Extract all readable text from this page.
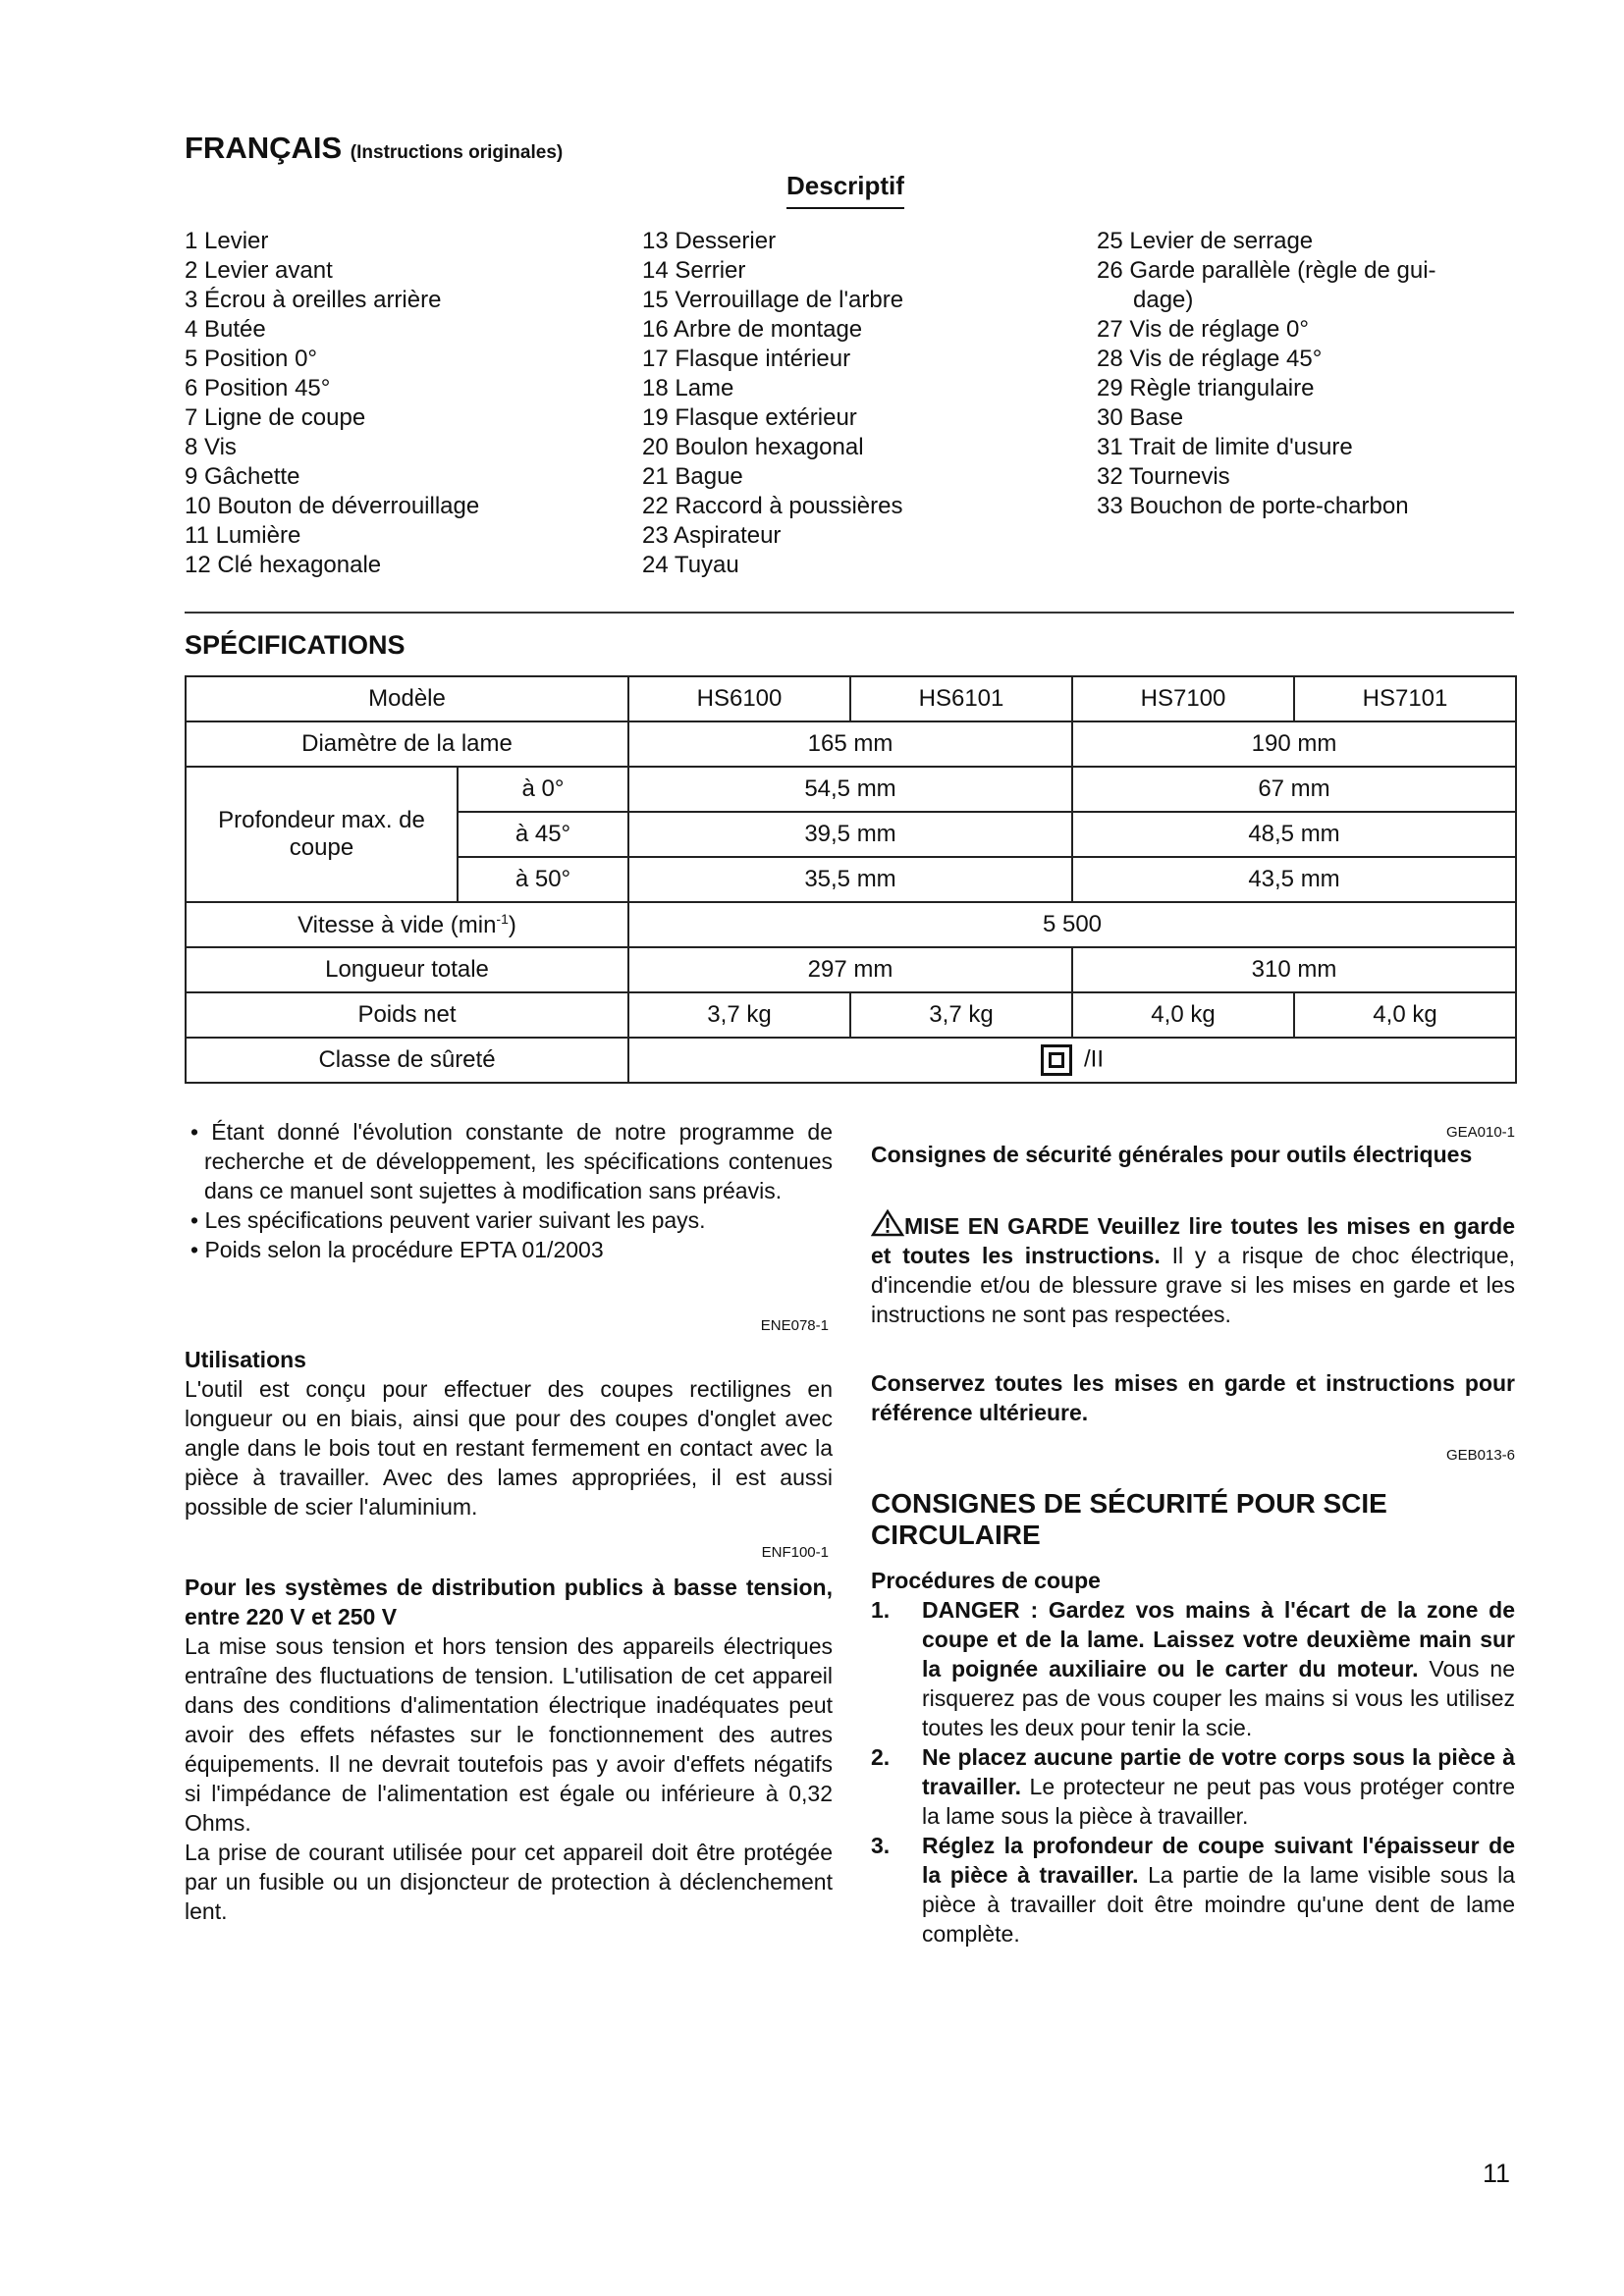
FRANÇAIS (Instructions originales)
Descriptif
1 Levier
2 Levier avant
3 Écrou à oreilles arrière
4 Butée
5 Position 0°
6 Position 45°
7 Ligne de coupe
8 Vis
9 Gâchette
10 Bouton de déverrouillage
11 Lumière
12 Clé hexagonale
13 Desserier
14 Serrier
15 Verrouillage de l'arbre
16 Arbre de montage
17 Flasque intérieur
18 Lame
19 Flasque extérieur
20 Boulon hexagonal
21 Bague
22 Raccord à poussières
23 Aspirateur
24 Tuyau
25 Levier de serrage
26 Garde parallèle (règle de gui-
dage)
27 Vis de réglage 0°
28 Vis de réglage 45°
29 Règle triangulaire
30 Base
31 Trait de limite d'usure
32 Tournevis
33 Bouchon de porte-charbon
SPÉCIFICATIONS
Modèle		HS6100	HS6101	HS7100	HS7101
Diamètre de la lame		165 mm		190 mm	
Profondeur max. de coupe	à 0°	54,5 mm		67 mm	
	à 45°	39,5 mm		48,5 mm	
	à 50°	35,5 mm		43,5 mm	
Vitesse à vide $(\min^{-1})$		5 500			
Longueur totale		297 mm		310 mm	
Poids net		3,7 kg	3,7 kg	4,0 kg	4,0 kg
Classe de sûreté		/II			
• Étant donné l'évolution constante de notre programme de recherche et de développement, les spécifications contenues dans ce manuel sont sujettes à modification sans préavis.
• Les spécifications peuvent varier suivant les pays.
• Poids selon la procédure EPTA 01/2003
ENE078-1
Utilisations
L'outil est conçu pour effectuer des coupes rectilignes en longueur ou en biais, ainsi que pour des coupes d'onglet avec angle dans le bois tout en restant fermement en contact avec la pièce à travailler. Avec des lames appropriées, il est aussi possible de scier l'aluminium.
ENF100-1
Pour les systèmes de distribution publics à basse tension, entre 220 V et 250 V
La mise sous tension et hors tension des appareils électriques entraîne des fluctuations de tension. L'utilisation de cet appareil dans des conditions d'alimentation électrique inadéquates peut avoir des effets néfastes sur le fonctionnement des autres équipements. Il ne devrait toutefois pas y avoir d'effets négatifs si l'impédance de l'alimentation est égale ou inférieure à 0,32 Ohms.
La prise de courant utilisée pour cet appareil doit être protégée par un fusible ou un disjoncteur de protection à déclenchement lent.
GEA010-1
Consignes de sécurité générales pour outils électriques
MISE EN GARDE Veuillez lire toutes les mises en garde et toutes les instructions. Il y a risque de choc électrique, d'incendie et/ou de blessure grave si les mises en garde et les instructions ne sont pas respectées.
Conservez toutes les mises en garde et instructions pour référence ultérieure.
GEB013-6
CONSIGNES DE SÉCURITÉ POUR SCIE CIRCULAIRE
Procédures de coupe
1. DANGER : Gardez vos mains à l'écart de la zone de coupe et de la lame. Laissez votre deuxième main sur la poignée auxiliaire ou le carter du moteur. Vous ne risquerez pas de vous couper les mains si vous les utilisez toutes les deux pour tenir la scie.
2. Ne placez aucune partie de votre corps sous la pièce à travailler. Le protecteur ne peut pas vous protéger contre la lame sous la pièce à travailler.
3. Réglez la profondeur de coupe suivant l'épaisseur de la pièce à travailler. La partie de la lame visible sous la pièce à travailler doit être moindre qu'une dent de lame complète.
11
